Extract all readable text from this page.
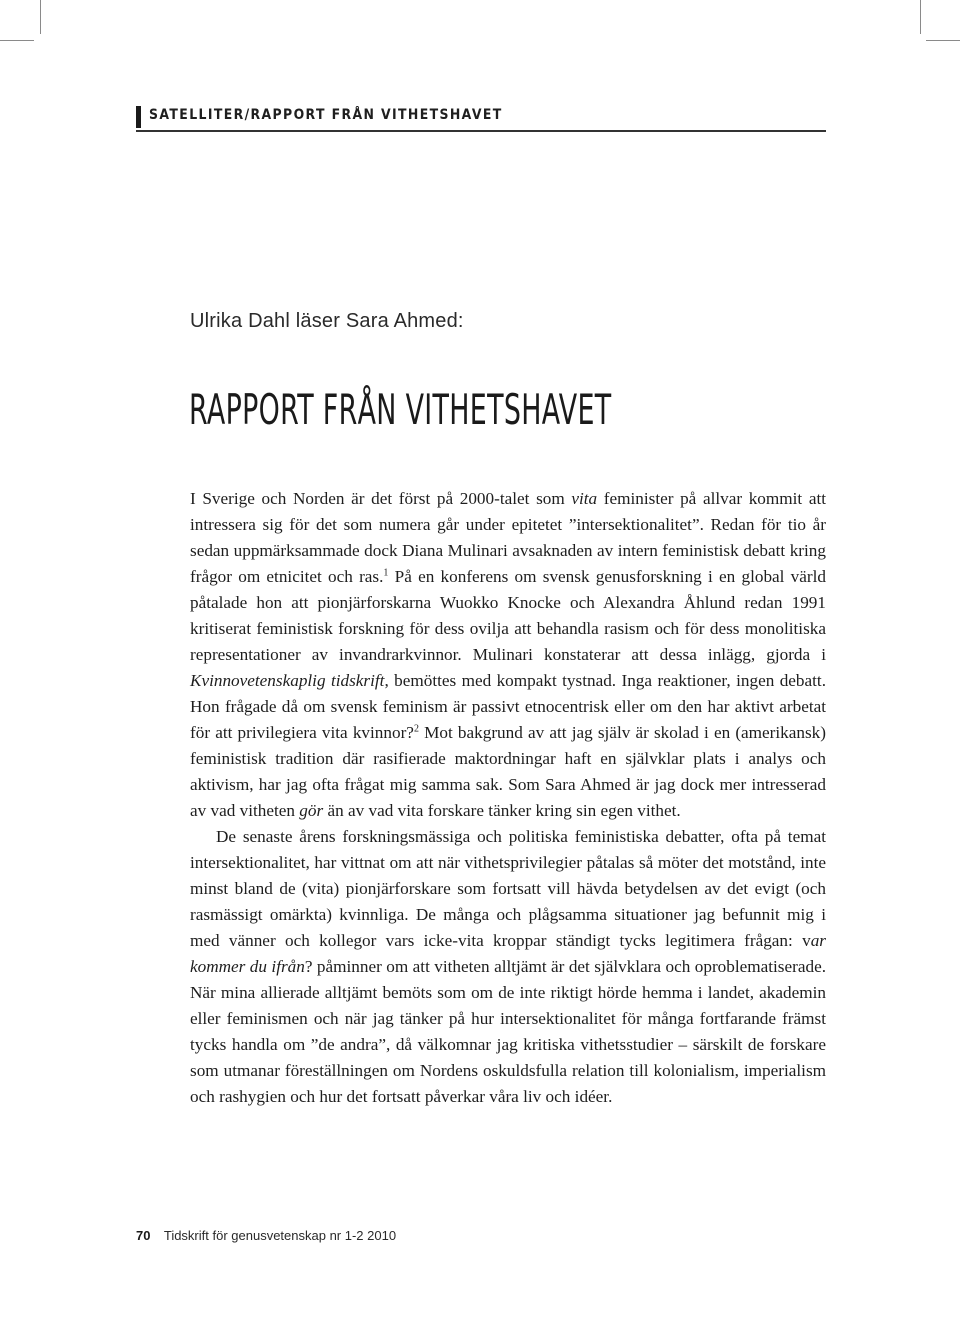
SATELLITER/RAPPORT FRÅN VITHETSHAVET
Ulrika Dahl läser Sara Ahmed:
RAPPORT FRÅN VITHETSHAVET

I Sverige och Norden är det först på 2000-talet som vita feminister på allvar kommit att intressera sig för det som numera går under epitetet ”intersektionalitet”. Redan för tio år sedan uppmärksammade dock Diana Mulinari avsaknaden av intern feministisk debatt kring frågor om etnicitet och ras.$^1$ På en konferens om svensk genusforskning i en global värld påtalade hon att pionjärforskarna Wuokko Knocke och Alexandra Åhlund redan 1991 kritiserat feministisk forskning för dess ovilja att behandla rasism och för dess monolitiska representationer av invandrarkvinnor. Mulinari konstaterar att dessa inlägg, gjorda i Kvinnovetenskaplig tidskrift, bemöttes med kompakt tystnad. Inga reaktioner, ingen debatt. Hon frågade då om svensk feminism är passivt etnocentrisk eller om den har aktivt arbetat för att privilegiera vita kvinnor?$^2$ Mot bakgrund av att jag själv är skolad i en (amerikansk) feministisk tradition där rasifierade maktordningar haft en självklar plats i analys och aktivism, har jag ofta frågat mig samma sak. Som Sara Ahmed är jag dock mer intresserad av vad vitheten gör än av vad vita forskare tänker kring sin egen vithet.

De senaste årens forskningsmässiga och politiska feministiska debatter, ofta på temat intersektionalitet, har vittnat om att när vithetsprivilegier påtalas så möter det motstånd, inte minst bland de (vita) pionjärforskare som fortsatt vill hävda betydelsen av det evigt (och rasmässigt omärkta) kvinnliga. De många och plågsamma situationer jag befunnit mig i med vänner och kollegor vars icke-vita kroppar ständigt tycks legitimera frågan: var kommer du ifrån? påminner om att vitheten alltjämt är det självklara och oproblematiserade. När mina allierade alltjämt bemöts som om de inte riktigt hörde hemma i landet, akademin eller feminismen och när jag tänker på hur intersektionalitet för många fortfarande främst tycks handla om ”de andra”, då välkomnar jag kritiska vithetsstudier – särskilt de forskare som utmanar föreställningen om Nordens oskuldsfulla relation till kolonialism, imperialism och rashygien och hur det fortsatt påverkar våra liv och idéer.

70 Tidskrift för genusvetenskap nr 1-2 2010
